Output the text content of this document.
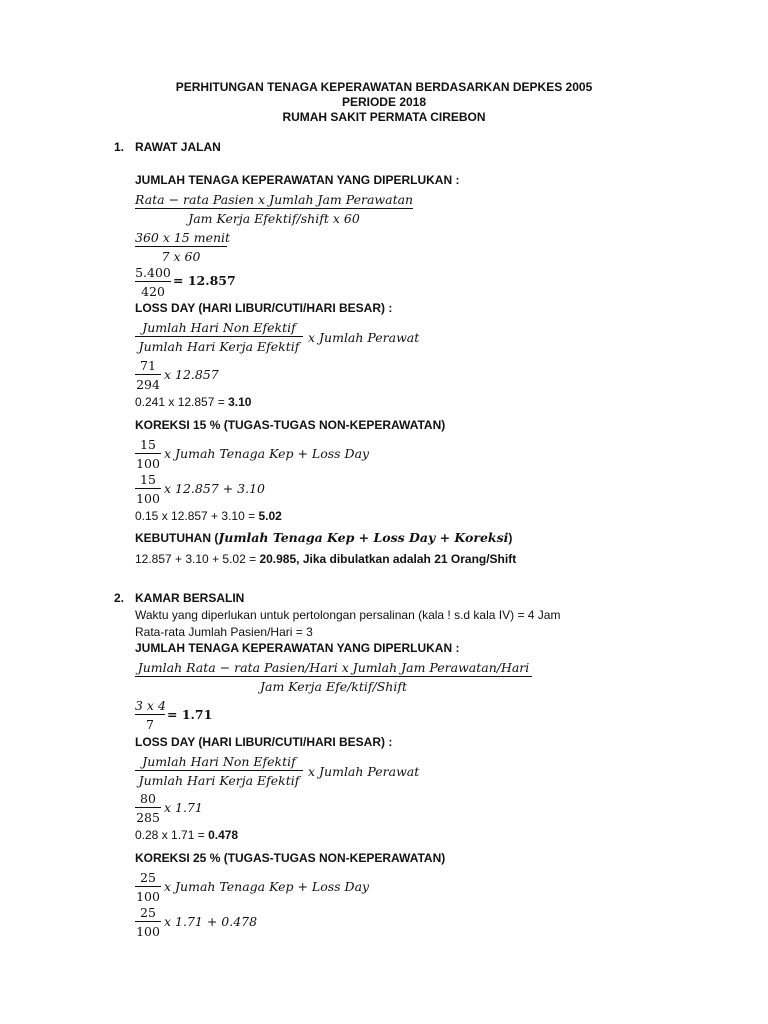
PERHITUNGAN TENAGA KEPERAWATAN BERDASARKAN DEPKES 2005
PERIODE 2018
RUMAH SAKIT PERMATA CIREBON
1. RAWAT JALAN
JUMLAH TENAGA KEPERAWATAN YANG DIPERLUKAN :
Rata − rata Pasien x Jumlah Jam Perawatan
Jam Kerja Efektif/shift x 60
360 x 15 menit
7 x 60
5.400
420
= 12.857
LOSS DAY (HARI LIBUR/CUTI/HARI BESAR) :
Jumlah Hari Non Efektif
Jumlah Hari Kerja Efektif
x Jumlah Perawat
71
294
x 12.857
0.241 x 12.857 = 3.10
KOREKSI 15 % (TUGAS-TUGAS NON-KEPERAWATAN)
15
100
x Jumah Tenaga Kep + Loss Day
15
100
x 12.857 + 3.10
0.15 x 12.857 + 3.10 = 5.02
KEBUTUHAN (Jumlah Tenaga Kep + Loss Day + Koreksi)
12.857 + 3.10 + 5.02 = 20.985, Jika dibulatkan adalah 21 Orang/Shift
2. KAMAR BERSALIN
Waktu yang diperlukan untuk pertolongan persalinan (kala ! s.d kala IV) = 4 Jam
Rata-rata Jumlah Pasien/Hari = 3
JUMLAH TENAGA KEPERAWATAN YANG DIPERLUKAN :
Jumlah Rata − rata Pasien/Hari x Jumlah Jam Perawatan/Hari
Jam Kerja Efe/ktif/Shift
3 x 4
7
= 1.71
LOSS DAY (HARI LIBUR/CUTI/HARI BESAR) :
Jumlah Hari Non Efektif
Jumlah Hari Kerja Efektif
x Jumlah Perawat
80
285
x 1.71
0.28 x 1.71 = 0.478
KOREKSI 25 % (TUGAS-TUGAS NON-KEPERAWATAN)
25
100
x Jumah Tenaga Kep + Loss Day
25
100
x 1.71 + 0.478
